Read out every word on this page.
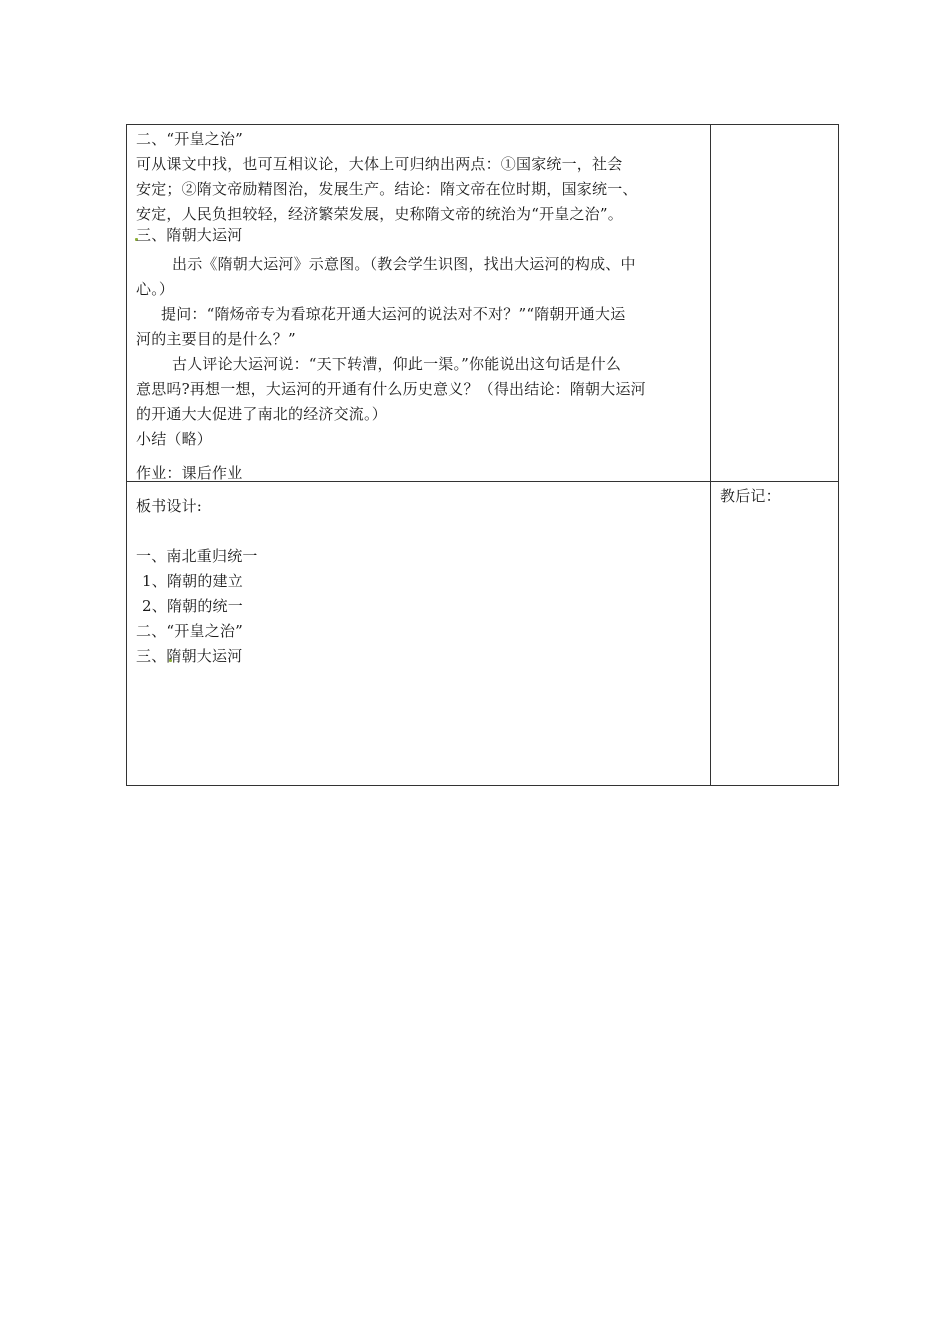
二、“开皇之治”
可从课文中找，也可互相议论，大体上可归纳出两点：①国家统一，社会
安定；②隋文帝励精图治，发展生产。结论：隋文帝在位时期，国家统一、
安定，人民负担较轻，经济繁荣发展，史称隋文帝的统治为“开皇之治”。
三、隋朝大运河
出示《隋朝大运河》示意图。（教会学生识图，找出大运河的构成、中
心。）
提问：“隋炀帝专为看琼花开通大运河的说法对不对？”“隋朝开通大运
河的主要目的是什么？”
古人评论大运河说：“天下转漕，仰此一渠。”你能说出这句话是什么
意思吗?再想一想，大运河的开通有什么历史意义？（得出结论：隋朝大运河
的开通大大促进了南北的经济交流。）
小结（略）
作业：课后作业
板书设计:
一、南北重归统一
1、隋朝的建立
2、隋朝的统一
二、“开皇之治”
三、隋朝大运河
教后记：
